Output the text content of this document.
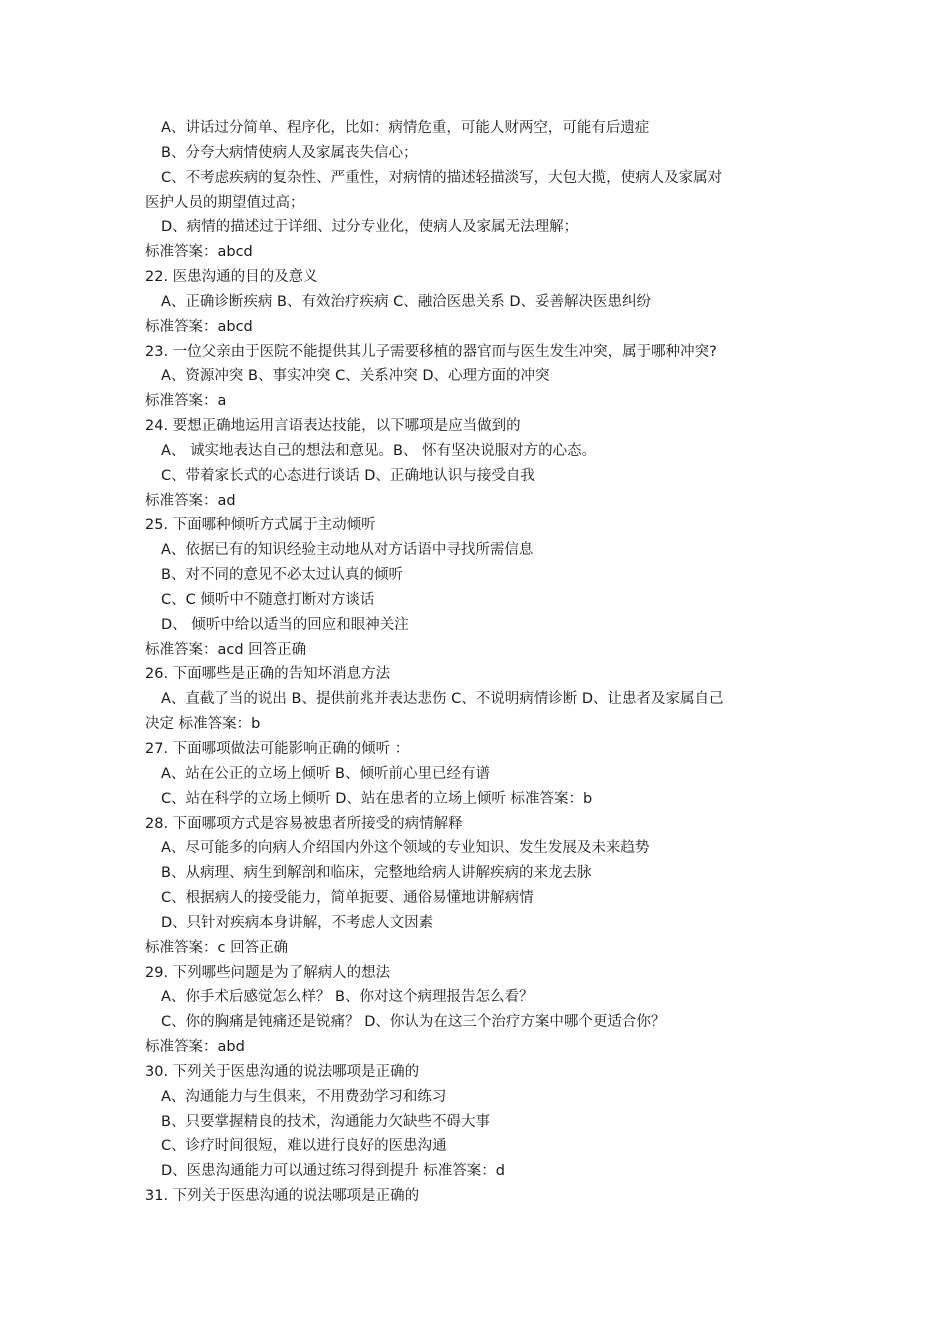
A、讲话过分简单、程序化，比如：病情危重，可能人财两空，可能有后遗症
B、分夸大病情使病人及家属丧失信心；
C、不考虑疾病的复杂性、严重性，对病情的描述轻描淡写，大包大揽，使病人及家属对
医护人员的期望值过高；
D、病情的描述过于详细、过分专业化，使病人及家属无法理解；
标准答案：abcd
22. 医患沟通的目的及意义
A、正确诊断疾病 B、有效治疗疾病 C、融洽医患关系 D、妥善解决医患纠纷
标准答案：abcd
23. 一位父亲由于医院不能提供其儿子需要移植的器官而与医生发生冲突，属于哪种冲突?
A、资源冲突 B、事实冲突 C、关系冲突 D、心理方面的冲突
标准答案：a
24. 要想正确地运用言语表达技能，以下哪项是应当做到的
A、 诚实地表达自己的想法和意见。B、 怀有坚决说服对方的心态。
C、带着家长式的心态进行谈话 D、正确地认识与接受自我
标准答案：ad
25. 下面哪种倾听方式属于主动倾听
A、依据已有的知识经验主动地从对方话语中寻找所需信息
B、对不同的意见不必太过认真的倾听
C、C 倾听中不随意打断对方谈话
D、 倾听中给以适当的回应和眼神关注
标准答案：acd 回答正确
26. 下面哪些是正确的告知坏消息方法
A、直截了当的说出 B、提供前兆并表达悲伤 C、不说明病情诊断 D、让患者及家属自己
决定 标准答案：b
27. 下面哪项做法可能影响正确的倾听 ：
A、站在公正的立场上倾听 B、倾听前心里已经有谱
C、站在科学的立场上倾听 D、站在患者的立场上倾听 标准答案：b
28. 下面哪项方式是容易被患者所接受的病情解释
A、尽可能多的向病人介绍国内外这个领域的专业知识、发生发展及未来趋势
B、从病理、病生到解剖和临床，完整地给病人讲解疾病的来龙去脉
C、根据病人的接受能力，简单扼要、通俗易懂地讲解病情
D、只针对疾病本身讲解，不考虑人文因素
标准答案：c 回答正确
29. 下列哪些问题是为了解病人的想法
A、你手术后感觉怎么样？ B、你对这个病理报告怎么看？
C、你的胸痛是钝痛还是锐痛？ D、你认为在这三个治疗方案中哪个更适合你？
标准答案：abd
30. 下列关于医患沟通的说法哪项是正确的
A、沟通能力与生俱来，不用费劲学习和练习
B、只要掌握精良的技术，沟通能力欠缺些不碍大事
C、诊疗时间很短，难以进行良好的医患沟通
D、医患沟通能力可以通过练习得到提升 标准答案：d
31. 下列关于医患沟通的说法哪项是正确的
